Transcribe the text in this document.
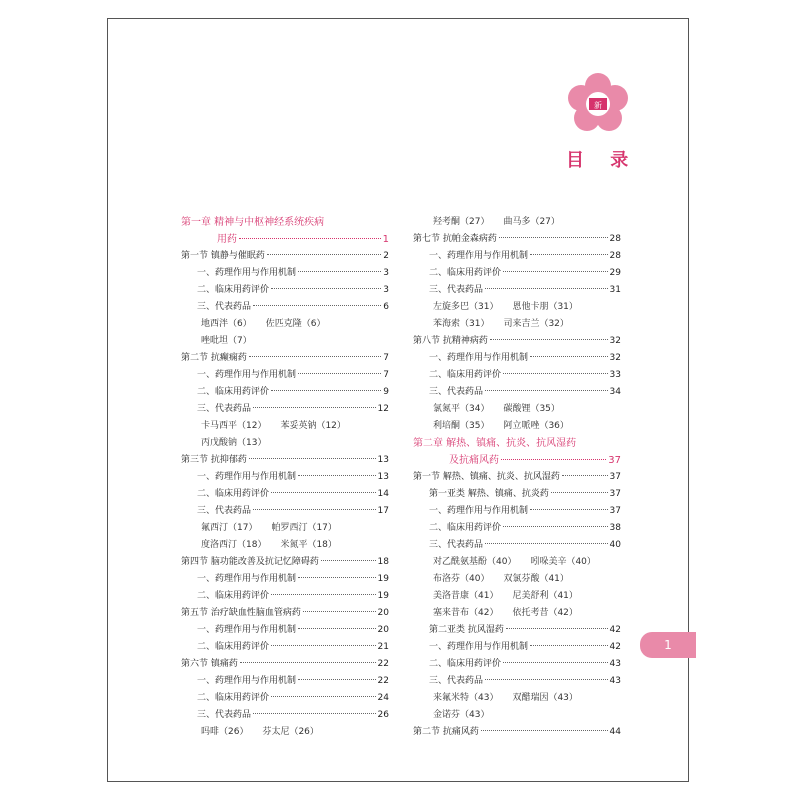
新
目 录
第一章 精神与中枢神经系统疾病
用药	1
第一节 镇静与催眠药	2
一、药理作用与作用机制	3
二、临床用药评价	3
三、代表药品	6
地西泮（6） 佐匹克隆（6）
唑吡坦（7）
第二节 抗癫痫药	7
一、药理作用与作用机制	7
二、临床用药评价	9
三、代表药品	12
卡马西平（12） 苯妥英钠（12）
丙戊酸钠（13）
第三节 抗抑郁药	13
一、药理作用与作用机制	13
二、临床用药评价	14
三、代表药品	17
氟西汀（17） 帕罗西汀（17）
度洛西汀（18） 米氮平（18）
第四节 脑功能改善及抗记忆障碍药	18
一、药理作用与作用机制	19
二、临床用药评价	19
第五节 治疗缺血性脑血管病药	20
一、药理作用与作用机制	20
二、临床用药评价	21
第六节 镇痛药	22
一、药理作用与作用机制	22
二、临床用药评价	24
三、代表药品	26
吗啡（26） 芬太尼（26）
羟考酮（27） 曲马多（27）
第七节 抗帕金森病药	28
一、药理作用与作用机制	28
二、临床用药评价	29
三、代表药品	31
左旋多巴（31） 恩他卡朋（31）
苯海索（31） 司来吉兰（32）
第八节 抗精神病药	32
一、药理作用与作用机制	32
二、临床用药评价	33
三、代表药品	34
氯氮平（34） 碳酸锂（35）
利培酮（35） 阿立哌唑（36）
第二章 解热、镇痛、抗炎、抗风湿药
及抗痛风药	37
第一节 解热、镇痛、抗炎、抗风湿药	37
第一亚类 解热、镇痛、抗炎药	37
一、药理作用与作用机制	37
二、临床用药评价	38
三、代表药品	40
对乙酰氨基酚（40） 吲哚美辛（40）
布洛芬（40） 双氯芬酸（41）
美洛昔康（41） 尼美舒利（41）
塞来昔布（42） 依托考昔（42）
第二亚类 抗风湿药	42
一、药理作用与作用机制	42
二、临床用药评价	43
三、代表药品	43
来氟米特（43） 双醋瑞因（43）
金诺芬（43）
第二节 抗痛风药	44
1
